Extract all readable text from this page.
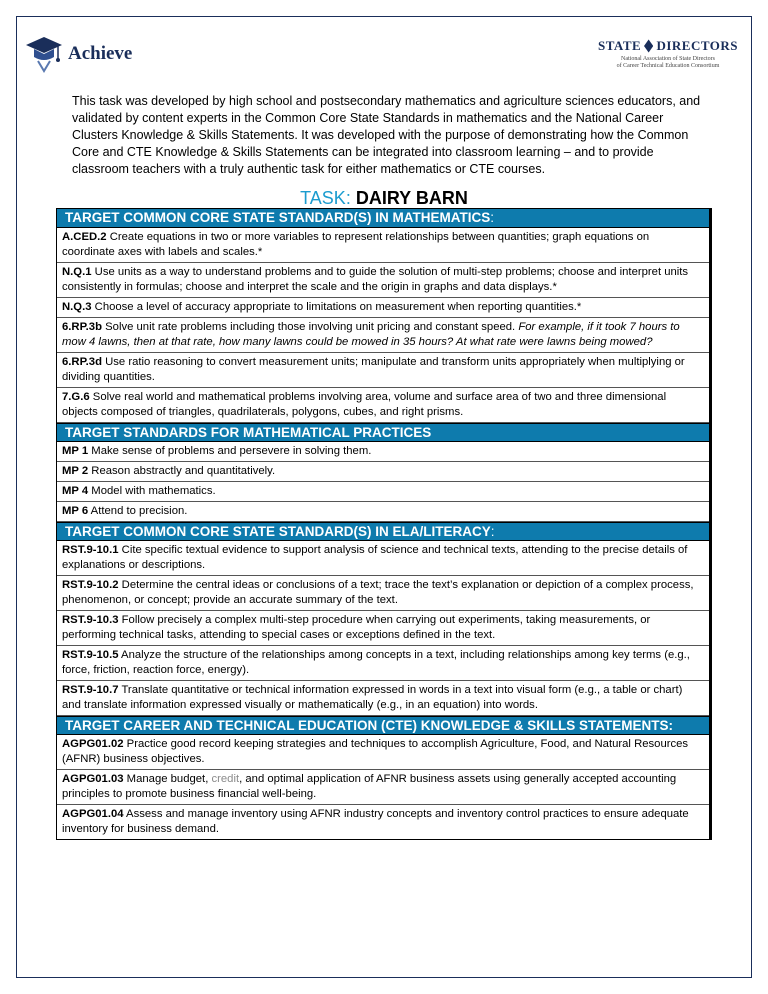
Achieve	STATE DIRECTORS
National Association of State Directors
of Career Technical Education Consortium
This task was developed by high school and postsecondary mathematics and agriculture sciences educators, and validated by content experts in the Common Core State Standards in mathematics and the National Career Clusters Knowledge & Skills Statements. It was developed with the purpose of demonstrating how the Common Core and CTE Knowledge & Skills Statements can be integrated into classroom learning – and to provide classroom teachers with a truly authentic task for either mathematics or CTE courses.
TASK: DAIRY BARN
TARGET COMMON CORE STATE STANDARD(S) IN MATHEMATICS:
A.CED.2 Create equations in two or more variables to represent relationships between quantities; graph equations on coordinate axes with labels and scales.*
N.Q.1 Use units as a way to understand problems and to guide the solution of multi-step problems; choose and interpret units consistently in formulas; choose and interpret the scale and the origin in graphs and data displays.*
N.Q.3 Choose a level of accuracy appropriate to limitations on measurement when reporting quantities.*
6.RP.3b Solve unit rate problems including those involving unit pricing and constant speed. For example, if it took 7 hours to mow 4 lawns, then at that rate, how many lawns could be mowed in 35 hours? At what rate were lawns being mowed?
6.RP.3d Use ratio reasoning to convert measurement units; manipulate and transform units appropriately when multiplying or dividing quantities.
7.G.6 Solve real world and mathematical problems involving area, volume and surface area of two and three dimensional objects composed of triangles, quadrilaterals, polygons, cubes, and right prisms.
TARGET STANDARDS FOR MATHEMATICAL PRACTICES
MP 1 Make sense of problems and persevere in solving them.
MP 2 Reason abstractly and quantitatively.
MP 4 Model with mathematics.
MP 6 Attend to precision.
TARGET COMMON CORE STATE STANDARD(S) IN ELA/LITERACY:
RST.9-10.1 Cite specific textual evidence to support analysis of science and technical texts, attending to the precise details of explanations or descriptions.
RST.9-10.2 Determine the central ideas or conclusions of a text; trace the text’s explanation or depiction of a complex process, phenomenon, or concept; provide an accurate summary of the text.
RST.9-10.3 Follow precisely a complex multi-step procedure when carrying out experiments, taking measurements, or performing technical tasks, attending to special cases or exceptions defined in the text.
RST.9-10.5 Analyze the structure of the relationships among concepts in a text, including relationships among key terms (e.g., force, friction, reaction force, energy).
RST.9-10.7 Translate quantitative or technical information expressed in words in a text into visual form (e.g., a table or chart) and translate information expressed visually or mathematically (e.g., in an equation) into words.
TARGET CAREER AND TECHNICAL EDUCATION (CTE) KNOWLEDGE & SKILLS STATEMENTS:
AGPG01.02 Practice good record keeping strategies and techniques to accomplish Agriculture, Food, and Natural Resources (AFNR) business objectives.
AGPG01.03 Manage budget, credit, and optimal application of AFNR business assets using generally accepted accounting principles to promote business financial well-being.
AGPG01.04 Assess and manage inventory using AFNR industry concepts and inventory control practices to ensure adequate inventory for business demand.
